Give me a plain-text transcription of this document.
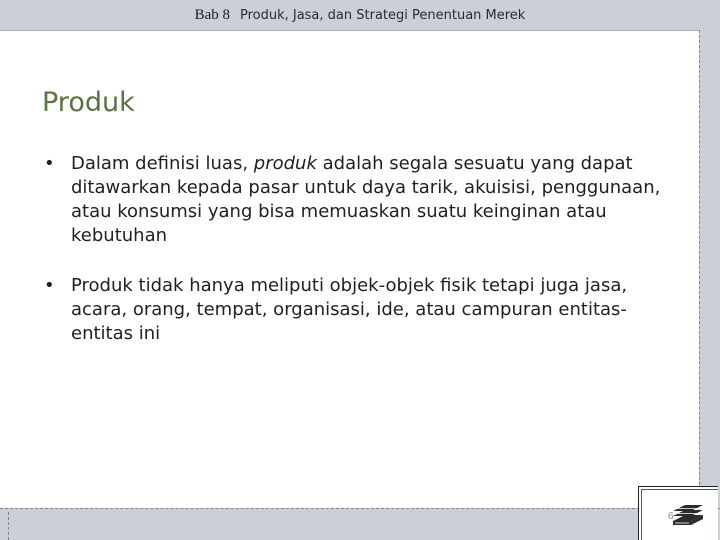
Bab 8 Produk, Jasa, dan Strategi Penentuan Merek
Produk
• Dalam definisi luas, produk adalah segala sesuatu yang dapat ditawarkan kepada pasar untuk daya tarik, akuisisi, penggunaan, atau konsumsi yang bisa memuaskan suatu keinginan atau kebutuhan
• Produk tidak hanya meliputi objek-objek fisik tetapi juga jasa, acara, orang, tempat, organisasi, ide, atau campuran entitas-entitas ini
6
